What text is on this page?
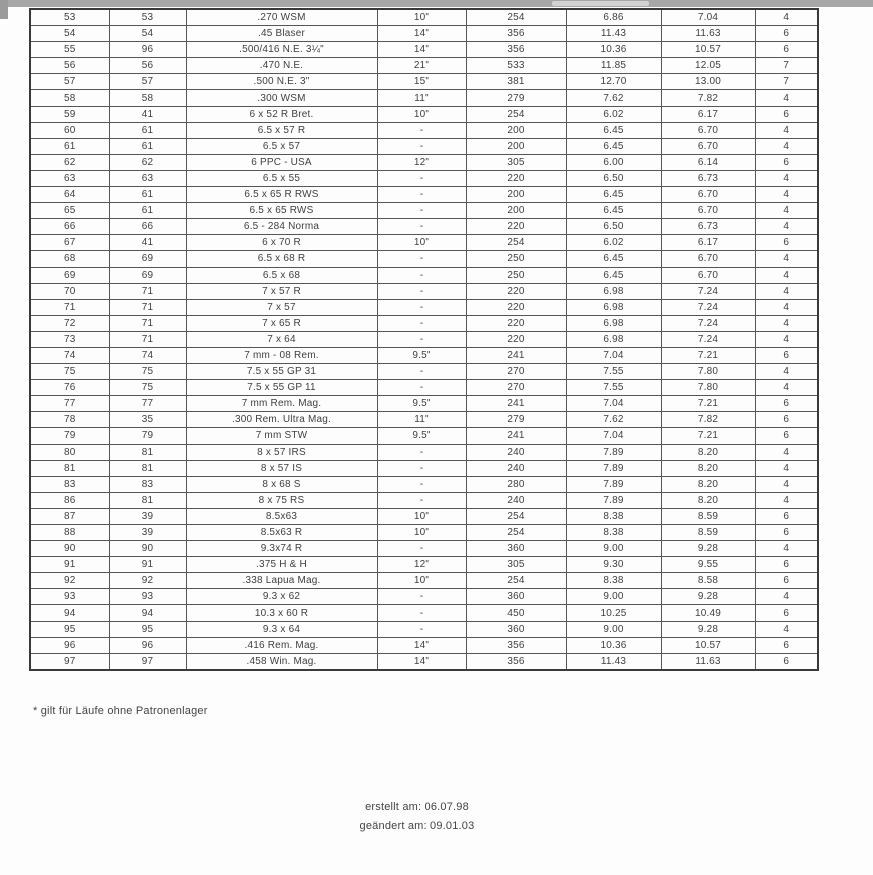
53	53	.270 WSM	10"	254	6.86	7.04	4
54	54	.45 Blaser	14"	356	11.43	11.63	6
55	96	.500/416 N.E. 3¼"	14"	356	10.36	10.57	6
56	56	.470 N.E.	21"	533	11.85	12.05	7
57	57	.500 N.E. 3"	15"	381	12.70	13.00	7
58	58	.300 WSM	11"	279	7.62	7.82	4
59	41	6 x 52 R Bret.	10"	254	6.02	6.17	6
60	61	6.5 x 57 R	-	200	6.45	6.70	4
61	61	6.5 x 57	-	200	6.45	6.70	4
62	62	6 PPC - USA	12"	305	6.00	6.14	6
63	63	6.5 x 55	-	220	6.50	6.73	4
64	61	6.5 x 65 R RWS	-	200	6.45	6.70	4
65	61	6.5 x 65 RWS	-	200	6.45	6.70	4
66	66	6.5 - 284 Norma	-	220	6.50	6.73	4
67	41	6 x 70 R	10"	254	6.02	6.17	6
68	69	6.5 x 68 R	-	250	6.45	6.70	4
69	69	6.5 x 68	-	250	6.45	6.70	4
70	71	7 x 57 R	-	220	6.98	7.24	4
71	71	7 x 57	-	220	6.98	7.24	4
72	71	7 x 65 R	-	220	6.98	7.24	4
73	71	7 x 64	-	220	6.98	7.24	4
74	74	7 mm - 08 Rem.	9.5"	241	7.04	7.21	6
75	75	7.5 x 55 GP 31	-	270	7.55	7.80	4
76	75	7.5 x 55 GP 11	-	270	7.55	7.80	4
77	77	7 mm Rem. Mag.	9.5"	241	7.04	7.21	6
78	35	.300 Rem. Ultra Mag.	11"	279	7.62	7.82	6
79	79	7 mm STW	9.5"	241	7.04	7.21	6
80	81	8 x 57 IRS	-	240	7.89	8.20	4
81	81	8 x 57 IS	-	240	7.89	8.20	4
83	83	8 x 68 S	-	280	7.89	8.20	4
86	81	8 x 75 RS	-	240	7.89	8.20	4
87	39	8.5x63	10"	254	8.38	8.59	6
88	39	8.5x63 R	10"	254	8.38	8.59	6
90	90	9.3x74 R	-	360	9.00	9.28	4
91	91	.375 H & H	12"	305	9.30	9.55	6
92	92	.338 Lapua Mag.	10"	254	8.38	8.58	6
93	93	9.3 x 62	-	360	9.00	9.28	4
94	94	10.3 x 60 R	-	450	10.25	10.49	6
95	95	9.3 x 64	-	360	9.00	9.28	4
96	96	.416 Rem. Mag.	14"	356	10.36	10.57	6
97	97	.458 Win. Mag.	14"	356	11.43	11.63	6
* gilt für Läufe ohne Patronenlager
erstellt am: 06.07.98
geändert am: 09.01.03
